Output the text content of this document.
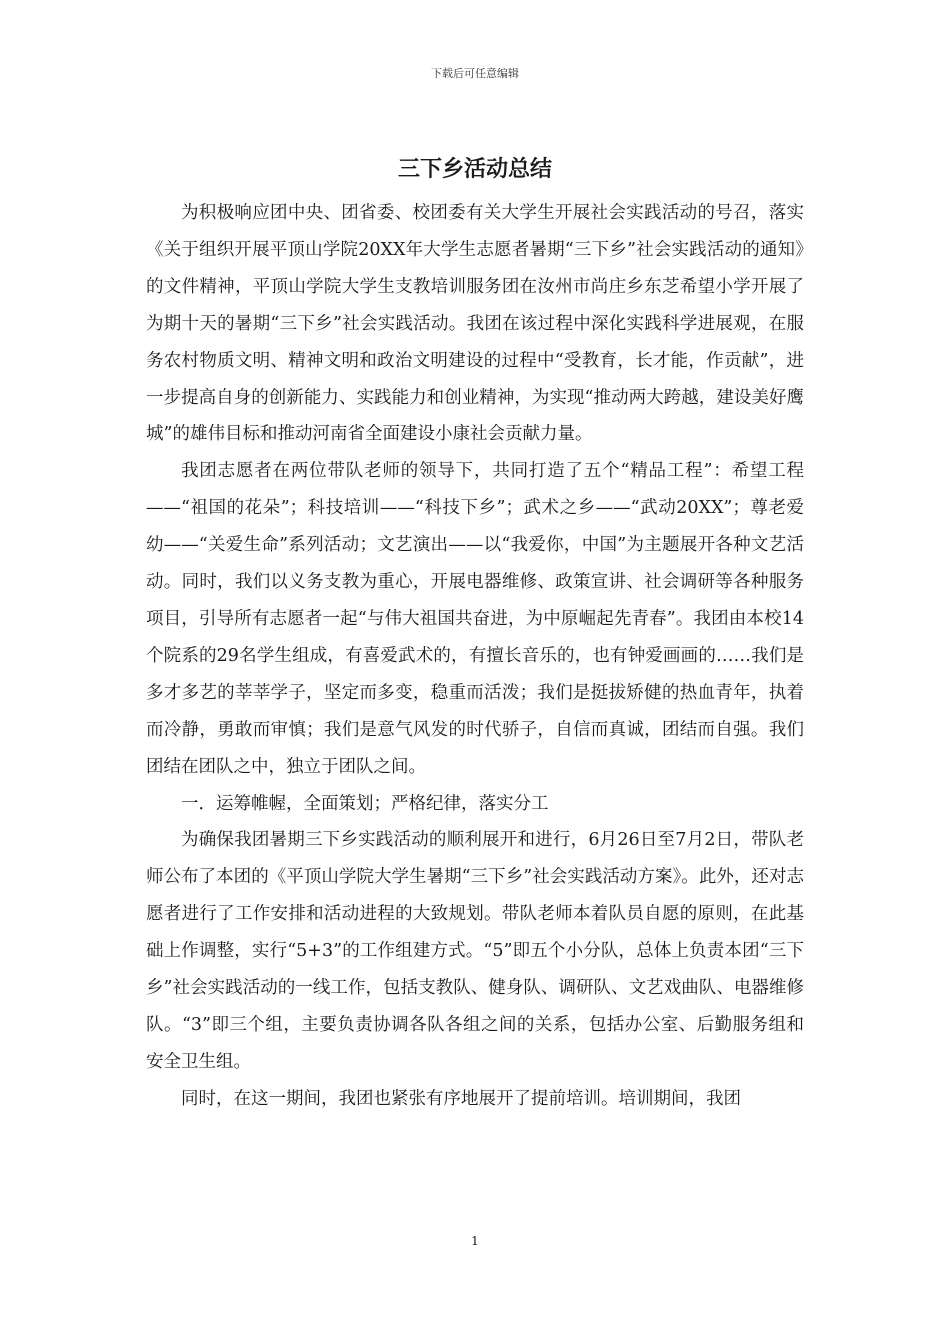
下载后可任意编辑
三下乡活动总结

为积极响应团中央、团省委、校团委有关大学生开展社会实践活动的号召，落实《关于组织开展平顶山学院20XX年大学生志愿者暑期“三下乡”社会实践活动的通知》的文件精神，平顶山学院大学生支教培训服务团在汝州市尚庄乡东芝希望小学开展了为期十天的暑期“三下乡”社会实践活动。我团在该过程中深化实践科学进展观，在服务农村物质文明、精神文明和政治文明建设的过程中“受教育，长才能，作贡献”，进一步提高自身的创新能力、实践能力和创业精神，为实现“推动两大跨越，建设美好鹰城”的雄伟目标和推动河南省全面建设小康社会贡献力量。

我团志愿者在两位带队老师的领导下，共同打造了五个“精品工程”：希望工程——“祖国的花朵”；科技培训——“科技下乡”；武术之乡——“武动20XX”；尊老爱幼——“关爱生命”系列活动；文艺演出——以“我爱你，中国”为主题展开各种文艺活动。同时，我们以义务支教为重心，开展电器维修、政策宣讲、社会调研等各种服务项目，引导所有志愿者一起“与伟大祖国共奋进，为中原崛起先青春”。我团由本校14个院系的29名学生组成，有喜爱武术的，有擅长音乐的，也有钟爱画画的……我们是多才多艺的莘莘学子，坚定而多变，稳重而活泼；我们是挺拔矫健的热血青年，执着而冷静，勇敢而审慎；我们是意气风发的时代骄子，自信而真诚，团结而自强。我们团结在团队之中，独立于团队之间。

一．运筹帷幄，全面策划；严格纪律，落实分工

为确保我团暑期三下乡实践活动的顺利展开和进行，6月26日至7月2日，带队老师公布了本团的《平顶山学院大学生暑期“三下乡”社会实践活动方案》。此外，还对志愿者进行了工作安排和活动进程的大致规划。带队老师本着队员自愿的原则，在此基础上作调整，实行“5+3”的工作组建方式。“5”即五个小分队，总体上负责本团“三下乡”社会实践活动的一线工作，包括支教队、健身队、调研队、文艺戏曲队、电器维修队。“3”即三个组，主要负责协调各队各组之间的关系，包括办公室、后勤服务组和安全卫生组。

同时，在这一期间，我团也紧张有序地展开了提前培训。培训期间，我团

1
